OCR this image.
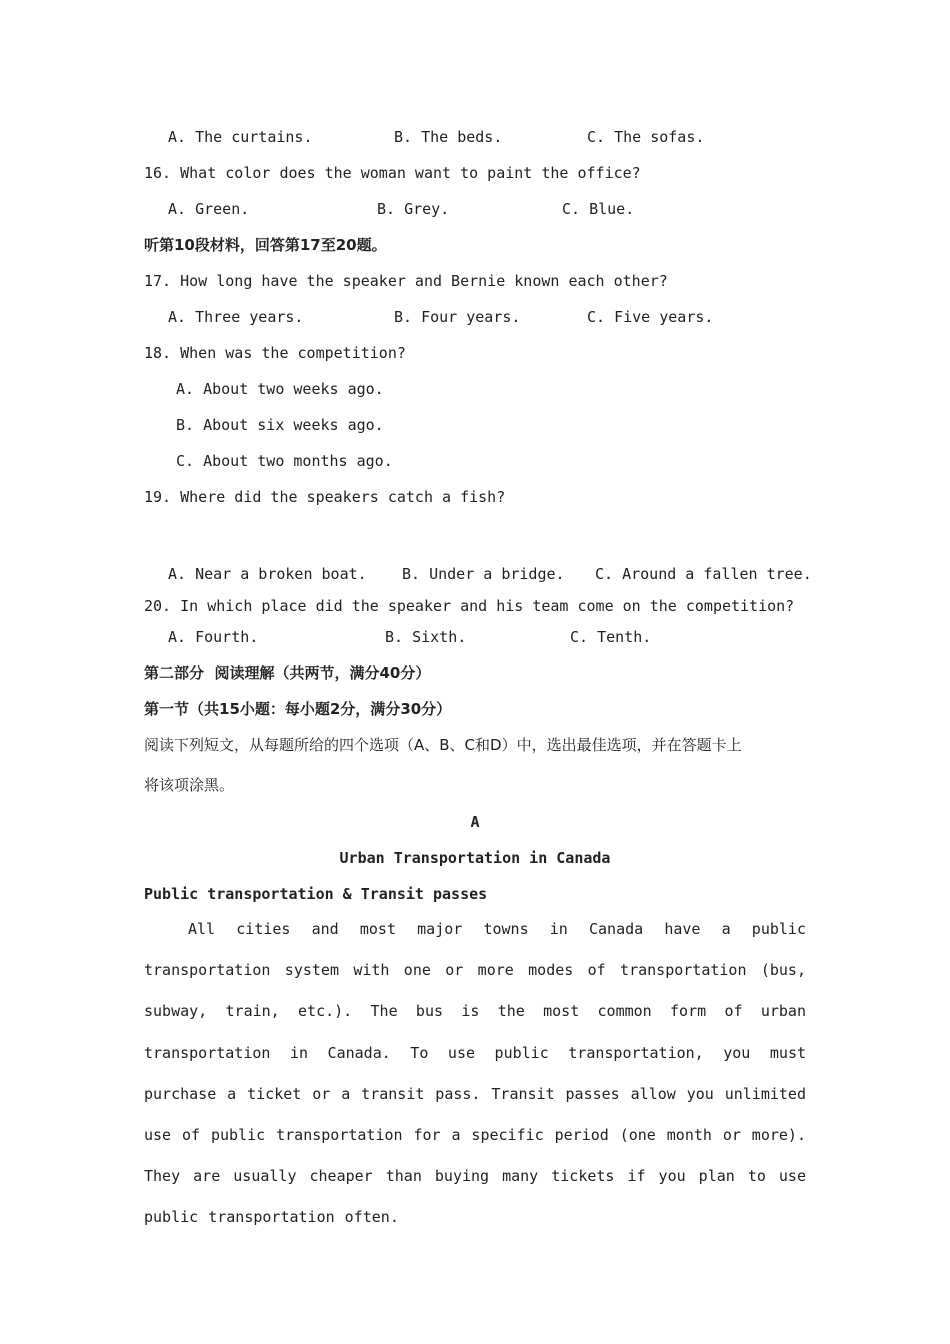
A. The curtains.	B. The beds.	C. The sofas.
16. What color does the woman want to paint the office?
A. Green.	B. Grey.	C. Blue.
听第10段材料，回答第17至20题。
17. How long have the speaker and Bernie known each other?
A. Three years.	B. Four years.	C. Five years.
18. When was the competition?
A. About two weeks ago.
B. About six weeks ago.
C. About two months ago.
19. Where did the speakers catch a fish?
A. Near a broken boat. B. Under a bridge. C. Around a fallen tree.
20. In which place did the speaker and his team come on the competition?
A. Fourth.	B. Sixth.	C. Tenth.
第二部分  阅读理解（共两节，满分40分）
第一节（共15小题：每小题2分，满分30分）
阅读下列短文，从每题所给的四个选项（A、B、C和D）中，选出最佳选项，并在答题卡上
将该项涂黑。
A
Urban Transportation in Canada
Public transportation & Transit passes
All cities and most major towns in Canada have a public transportation system with one or more modes of transportation (bus, subway, train, etc.). The bus is the most common form of urban transportation in Canada. To use public transportation, you must purchase a ticket or a transit pass. Transit passes allow you unlimited use of public transportation for a specific period (one month or more). They are usually cheaper than buying many tickets if you plan to use public transportation often.
